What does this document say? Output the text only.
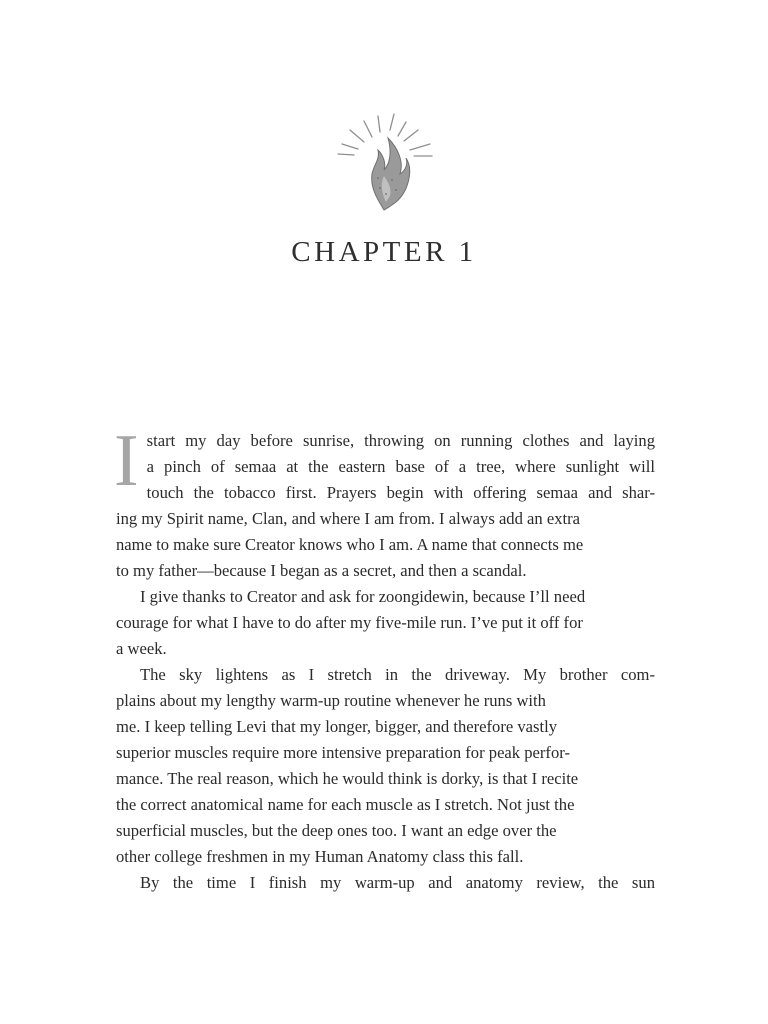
CHAPTER 1

I start my day before sunrise, throwing on running clothes and laying
a pinch of semaa at the eastern base of a tree, where sunlight will
touch the tobacco first. Prayers begin with offering semaa and shar-

ing my Spirit name, Clan, and where I am from. I always add an extra
name to make sure Creator knows who I am. A name that connects me
to my father—because I began as a secret, and then a scandal.

I give thanks to Creator and ask for zoongidewin, because I’ll need

courage for what I have to do after my five-mile run. I’ve put it off for
a week.

The sky lightens as I stretch in the driveway. My brother com-

plains about my lengthy warm-up routine whenever he runs with
me. I keep telling Levi that my longer, bigger, and therefore vastly
superior muscles require more intensive preparation for peak perfor-
mance. The real reason, which he would think is dorky, is that I recite
the correct anatomical name for each muscle as I stretch. Not just the
superficial muscles, but the deep ones too. I want an edge over the
other college freshmen in my Human Anatomy class this fall.

By the time I finish my warm-up and anatomy review, the sun
